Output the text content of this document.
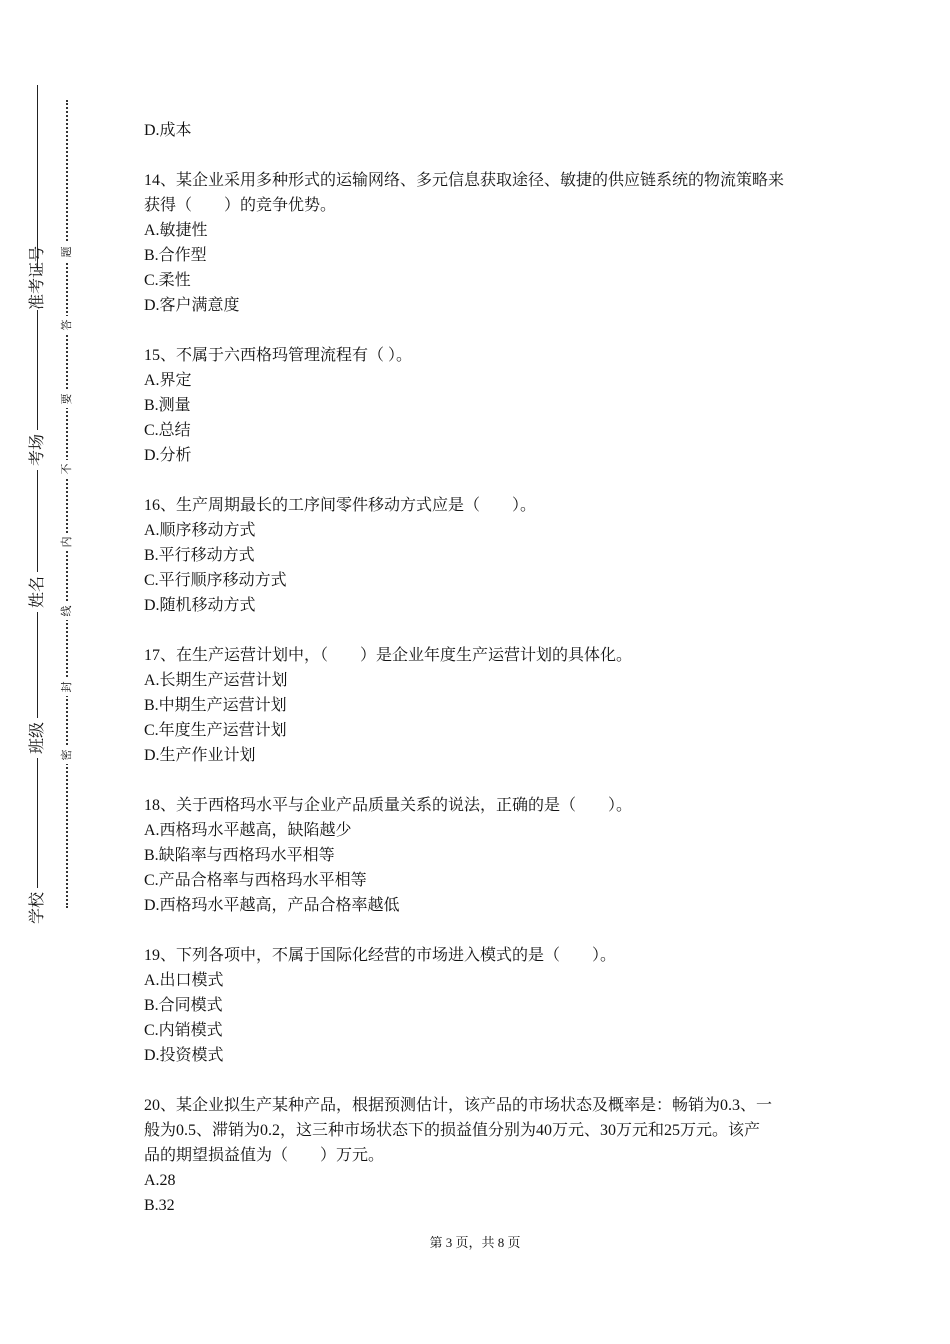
准考证号
考场
姓名
班级
学校
题
答
要
不
内
线
封
密
D.成本
14、某企业采用多种形式的运输网络、多元信息获取途径、敏捷的供应链系统的物流策略来
获得（　　）的竞争优势。
A.敏捷性
B.合作型
C.柔性
D.客户满意度
15、不属于六西格玛管理流程有（ ）。
A.界定
B.测量
C.总结
D.分析
16、生产周期最长的工序间零件移动方式应是（　　）。
A.顺序移动方式
B.平行移动方式
C.平行顺序移动方式
D.随机移动方式
17、在生产运营计划中，（　　）是企业年度生产运营计划的具体化。
A.长期生产运营计划
B.中期生产运营计划
C.年度生产运营计划
D.生产作业计划
18、关于西格玛水平与企业产品质量关系的说法，正确的是（　　）。
A.西格玛水平越高，缺陷越少
B.缺陷率与西格玛水平相等
C.产品合格率与西格玛水平相等
D.西格玛水平越高，产品合格率越低
19、下列各项中，不属于国际化经营的市场进入模式的是（　　）。
A.出口模式
B.合同模式
C.内销模式
D.投资模式
20、某企业拟生产某种产品，根据预测估计，该产品的市场状态及概率是：畅销为0.3、一
般为0.5、滞销为0.2，这三种市场状态下的损益值分别为40万元、30万元和25万元。该产
品的期望损益值为（　　）万元。
A.28
B.32
第 3 页，共 8 页
